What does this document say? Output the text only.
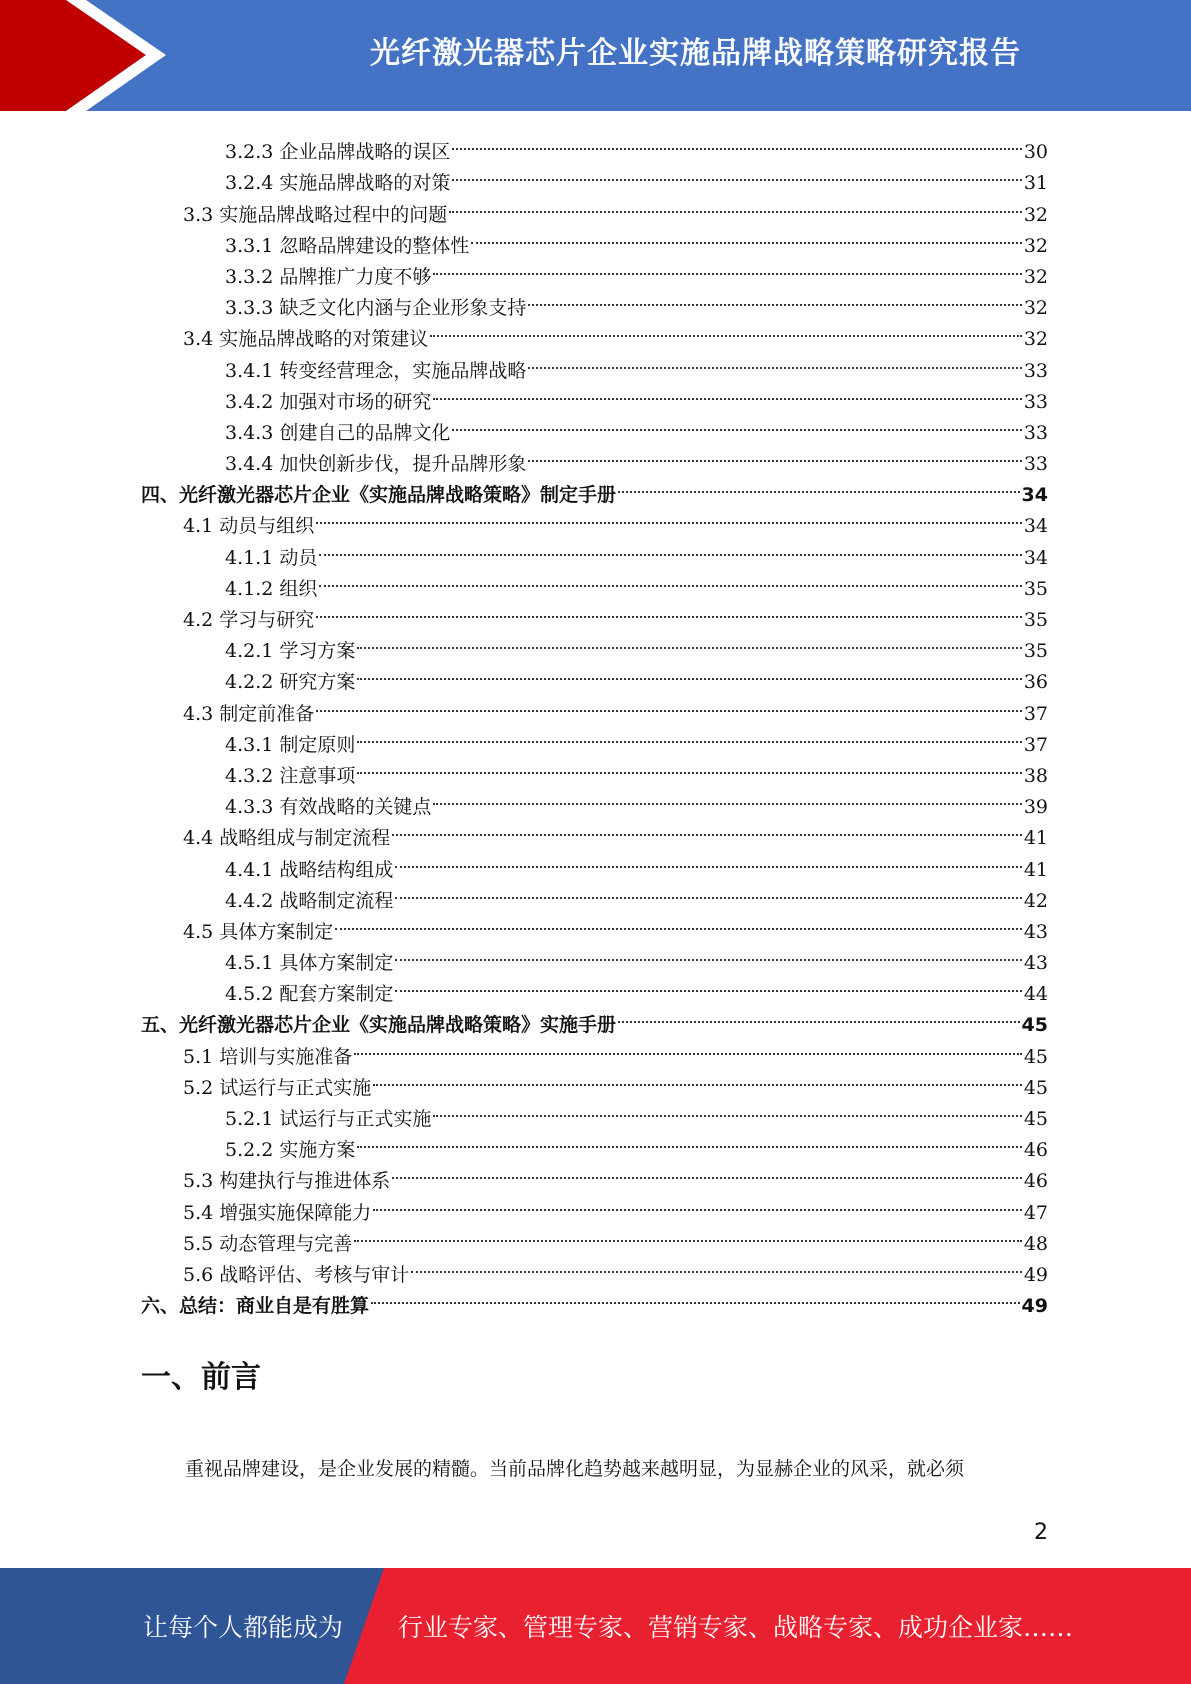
光纤激光器芯片企业实施品牌战略策略研究报告
3.2.3 企业品牌战略的误区	30
3.2.4 实施品牌战略的对策	31
3.3 实施品牌战略过程中的问题	32
3.3.1 忽略品牌建设的整体性	32
3.3.2 品牌推广力度不够	32
3.3.3 缺乏文化内涵与企业形象支持	32
3.4 实施品牌战略的对策建议	32
3.4.1 转变经营理念，实施品牌战略	33
3.4.2 加强对市场的研究	33
3.4.3 创建自己的品牌文化	33
3.4.4 加快创新步伐，提升品牌形象	33
四、光纤激光器芯片企业《实施品牌战略策略》制定手册	34
4.1 动员与组织	34
4.1.1 动员	34
4.1.2 组织	35
4.2 学习与研究	35
4.2.1 学习方案	35
4.2.2 研究方案	36
4.3 制定前准备	37
4.3.1 制定原则	37
4.3.2 注意事项	38
4.3.3 有效战略的关键点	39
4.4 战略组成与制定流程	41
4.4.1 战略结构组成	41
4.4.2 战略制定流程	42
4.5 具体方案制定	43
4.5.1 具体方案制定	43
4.5.2 配套方案制定	44
五、光纤激光器芯片企业《实施品牌战略策略》实施手册	45
5.1 培训与实施准备	45
5.2 试运行与正式实施	45
5.2.1 试运行与正式实施	45
5.2.2 实施方案	46
5.3 构建执行与推进体系	46
5.4 增强实施保障能力	47
5.5 动态管理与完善	48
5.6 战略评估、考核与审计	49
六、总结：商业自是有胜算	49
一、前言
重视品牌建设，是企业发展的精髓。当前品牌化趋势越来越明显，为显赫企业的风采，就必须
2
让每个人都能成为 行业专家、管理专家、营销专家、战略专家、成功企业家……
